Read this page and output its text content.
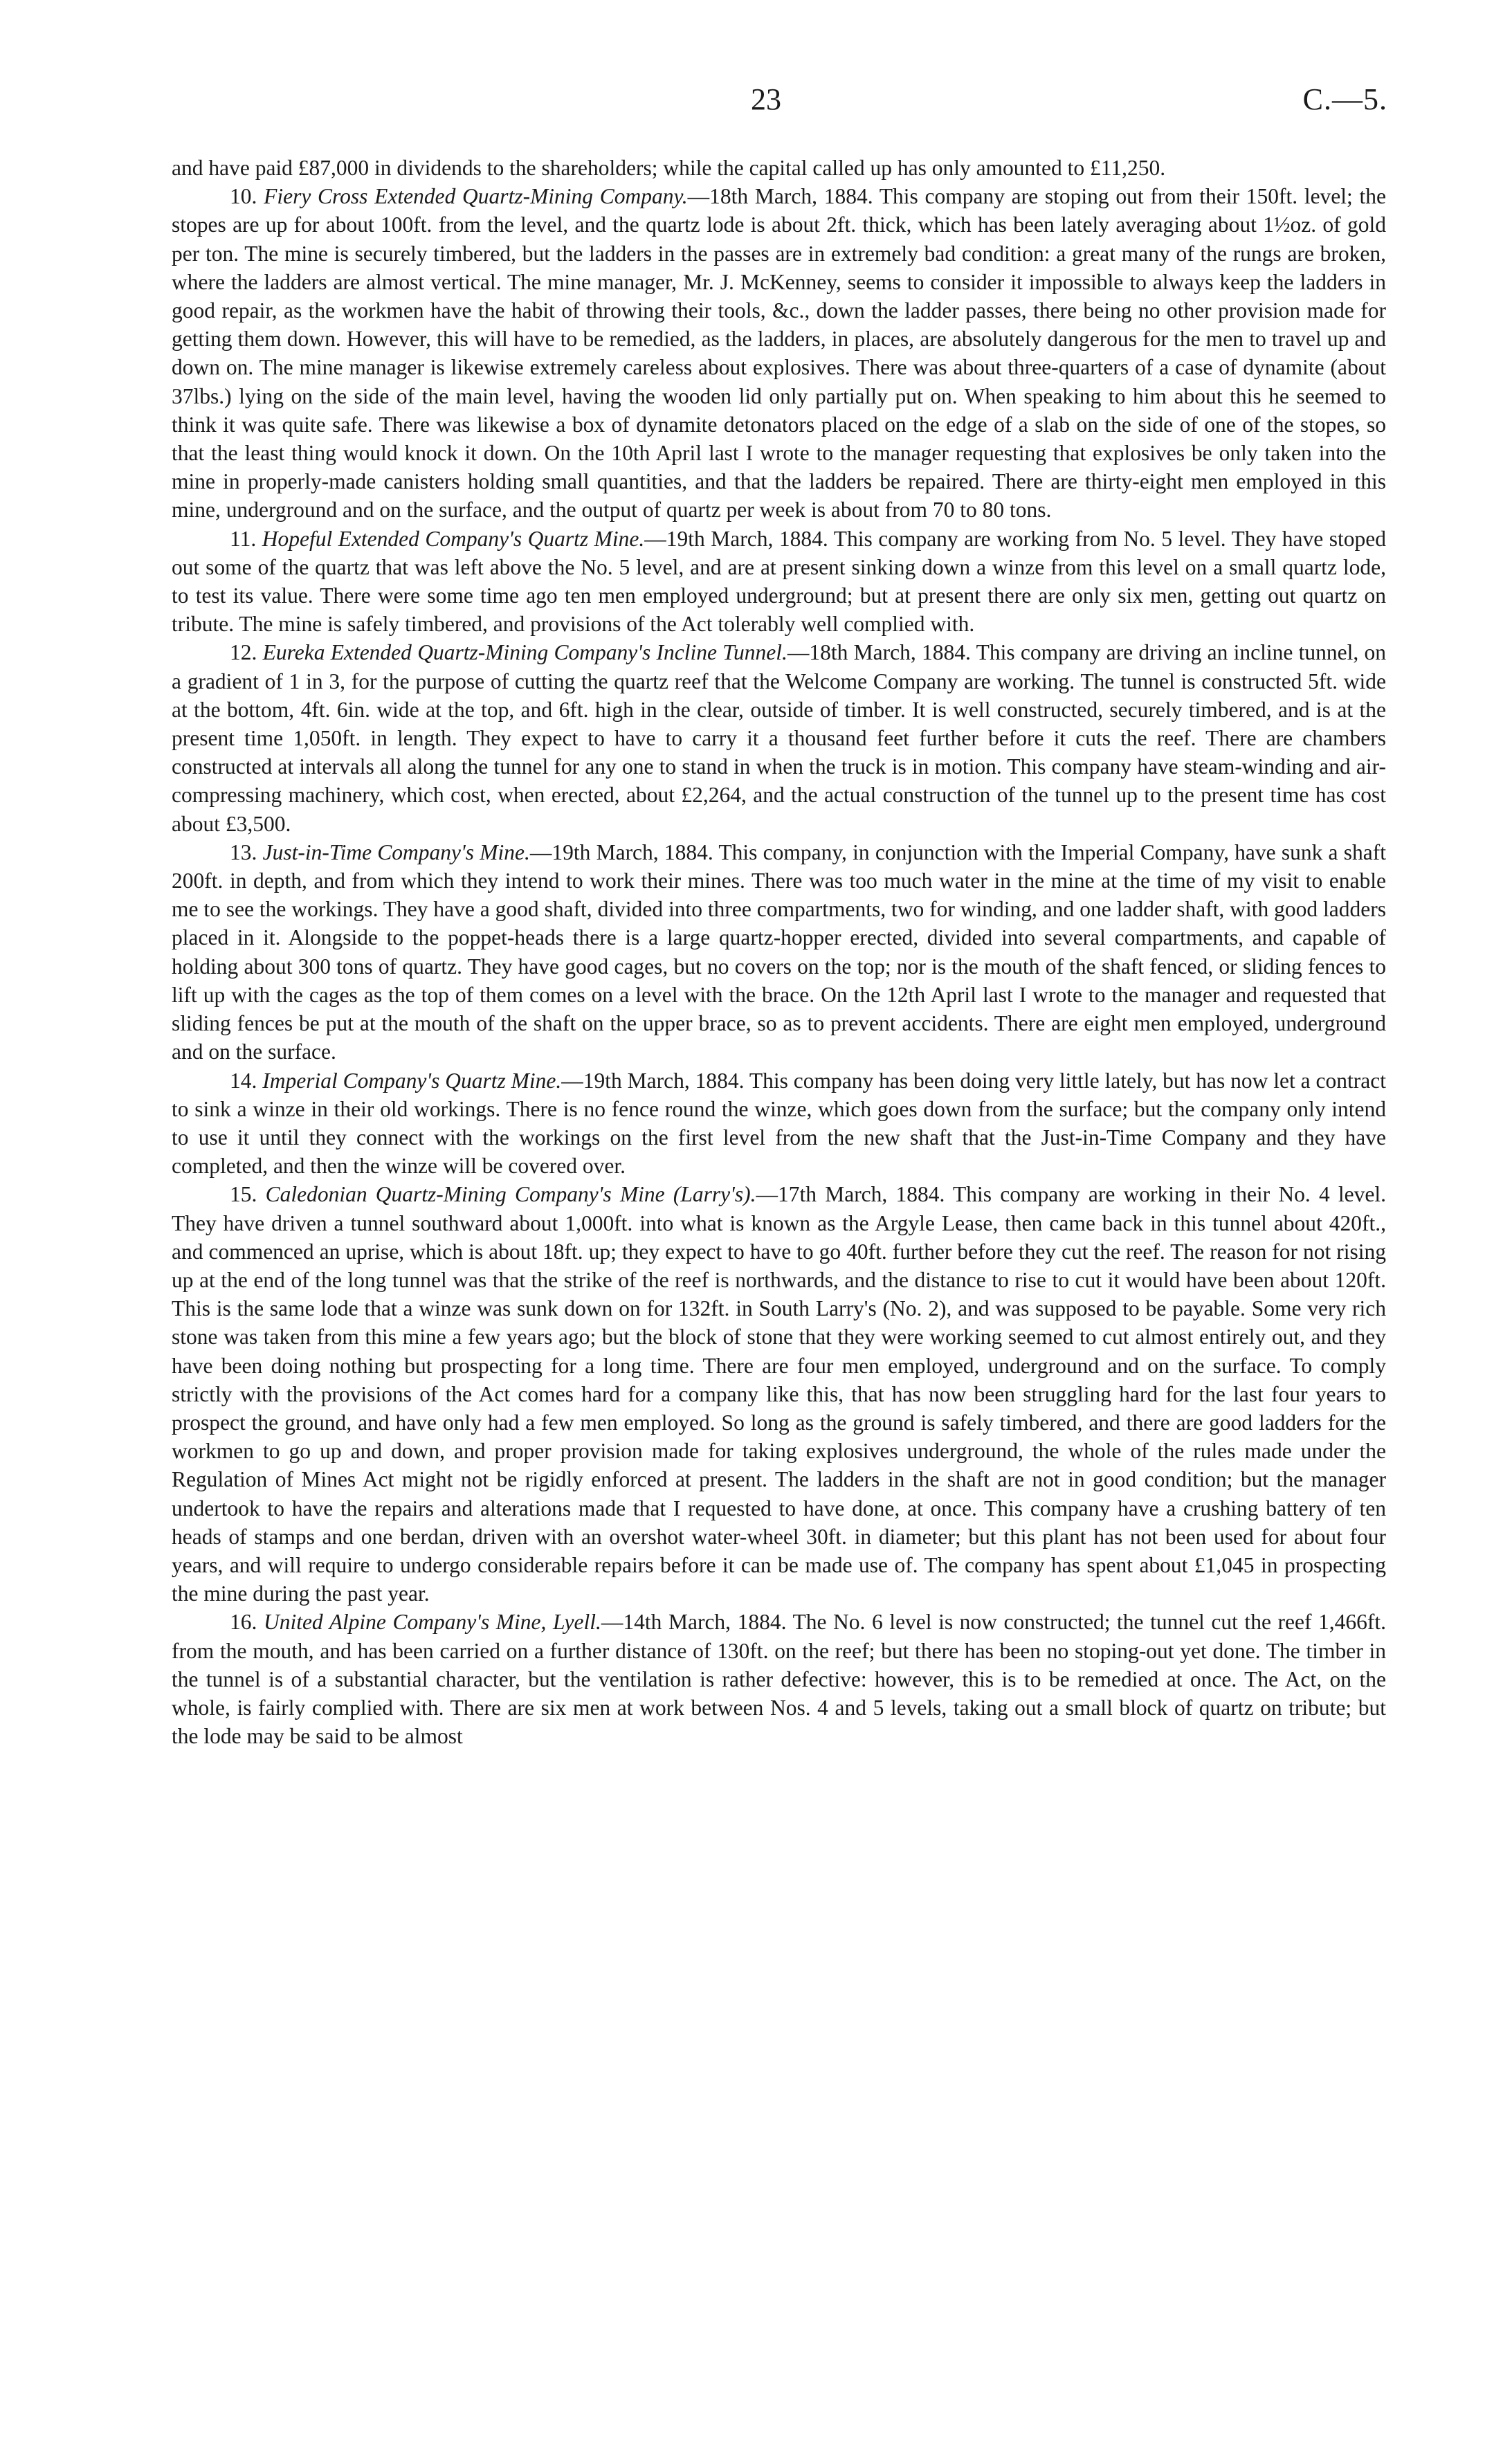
23	C.—5.

and have paid £87,000 in dividends to the shareholders; while the capital called up has only amounted to £11,250.

10. Fiery Cross Extended Quartz-Mining Company.—18th March, 1884. This company are stoping out from their 150ft. level; the stopes are up for about 100ft. from the level, and the quartz lode is about 2ft. thick, which has been lately averaging about 1½oz. of gold per ton. The mine is securely timbered, but the ladders in the passes are in extremely bad condition: a great many of the rungs are broken, where the ladders are almost vertical. The mine manager, Mr. J. McKenney, seems to consider it impossible to always keep the ladders in good repair, as the workmen have the habit of throwing their tools, &c., down the ladder passes, there being no other provision made for getting them down. However, this will have to be remedied, as the ladders, in places, are absolutely dangerous for the men to travel up and down on. The mine manager is likewise extremely careless about explosives. There was about three-quarters of a case of dynamite (about 37lbs.) lying on the side of the main level, having the wooden lid only partially put on. When speaking to him about this he seemed to think it was quite safe. There was likewise a box of dynamite detonators placed on the edge of a slab on the side of one of the stopes, so that the least thing would knock it down. On the 10th April last I wrote to the manager requesting that explosives be only taken into the mine in properly-made canisters holding small quantities, and that the ladders be repaired. There are thirty-eight men employed in this mine, underground and on the surface, and the output of quartz per week is about from 70 to 80 tons.

11. Hopeful Extended Company's Quartz Mine.—19th March, 1884. This company are working from No. 5 level. They have stoped out some of the quartz that was left above the No. 5 level, and are at present sinking down a winze from this level on a small quartz lode, to test its value. There were some time ago ten men employed underground; but at present there are only six men, getting out quartz on tribute. The mine is safely timbered, and provisions of the Act tolerably well complied with.

12. Eureka Extended Quartz-Mining Company's Incline Tunnel.—18th March, 1884. This company are driving an incline tunnel, on a gradient of 1 in 3, for the purpose of cutting the quartz reef that the Welcome Company are working. The tunnel is constructed 5ft. wide at the bottom, 4ft. 6in. wide at the top, and 6ft. high in the clear, outside of timber. It is well constructed, securely timbered, and is at the present time 1,050ft. in length. They expect to have to carry it a thousand feet further before it cuts the reef. There are chambers constructed at intervals all along the tunnel for any one to stand in when the truck is in motion. This company have steam-winding and air-compressing machinery, which cost, when erected, about £2,264, and the actual construction of the tunnel up to the present time has cost about £3,500.

13. Just-in-Time Company's Mine.—19th March, 1884. This company, in conjunction with the Imperial Company, have sunk a shaft 200ft. in depth, and from which they intend to work their mines. There was too much water in the mine at the time of my visit to enable me to see the workings. They have a good shaft, divided into three compartments, two for winding, and one ladder shaft, with good ladders placed in it. Alongside to the poppet-heads there is a large quartz-hopper erected, divided into several compartments, and capable of holding about 300 tons of quartz. They have good cages, but no covers on the top; nor is the mouth of the shaft fenced, or sliding fences to lift up with the cages as the top of them comes on a level with the brace. On the 12th April last I wrote to the manager and requested that sliding fences be put at the mouth of the shaft on the upper brace, so as to prevent accidents. There are eight men employed, underground and on the surface.

14. Imperial Company's Quartz Mine.—19th March, 1884. This company has been doing very little lately, but has now let a contract to sink a winze in their old workings. There is no fence round the winze, which goes down from the surface; but the company only intend to use it until they connect with the workings on the first level from the new shaft that the Just-in-Time Company and they have completed, and then the winze will be covered over.

15. Caledonian Quartz-Mining Company's Mine (Larry's).—17th March, 1884. This company are working in their No. 4 level. They have driven a tunnel southward about 1,000ft. into what is known as the Argyle Lease, then came back in this tunnel about 420ft., and commenced an uprise, which is about 18ft. up; they expect to have to go 40ft. further before they cut the reef. The reason for not rising up at the end of the long tunnel was that the strike of the reef is northwards, and the distance to rise to cut it would have been about 120ft. This is the same lode that a winze was sunk down on for 132ft. in South Larry's (No. 2), and was supposed to be payable. Some very rich stone was taken from this mine a few years ago; but the block of stone that they were working seemed to cut almost entirely out, and they have been doing nothing but prospecting for a long time. There are four men employed, underground and on the surface. To comply strictly with the provisions of the Act comes hard for a company like this, that has now been struggling hard for the last four years to prospect the ground, and have only had a few men employed. So long as the ground is safely timbered, and there are good ladders for the workmen to go up and down, and proper provision made for taking explosives underground, the whole of the rules made under the Regulation of Mines Act might not be rigidly enforced at present. The ladders in the shaft are not in good condition; but the manager undertook to have the repairs and alterations made that I requested to have done, at once. This company have a crushing battery of ten heads of stamps and one berdan, driven with an overshot water-wheel 30ft. in diameter; but this plant has not been used for about four years, and will require to undergo considerable repairs before it can be made use of. The company has spent about £1,045 in prospecting the mine during the past year.

16. United Alpine Company's Mine, Lyell.—14th March, 1884. The No. 6 level is now constructed; the tunnel cut the reef 1,466ft. from the mouth, and has been carried on a further distance of 130ft. on the reef; but there has been no stoping-out yet done. The timber in the tunnel is of a substantial character, but the ventilation is rather defective: however, this is to be remedied at once. The Act, on the whole, is fairly complied with. There are six men at work between Nos. 4 and 5 levels, taking out a small block of quartz on tribute; but the lode may be said to be almost
